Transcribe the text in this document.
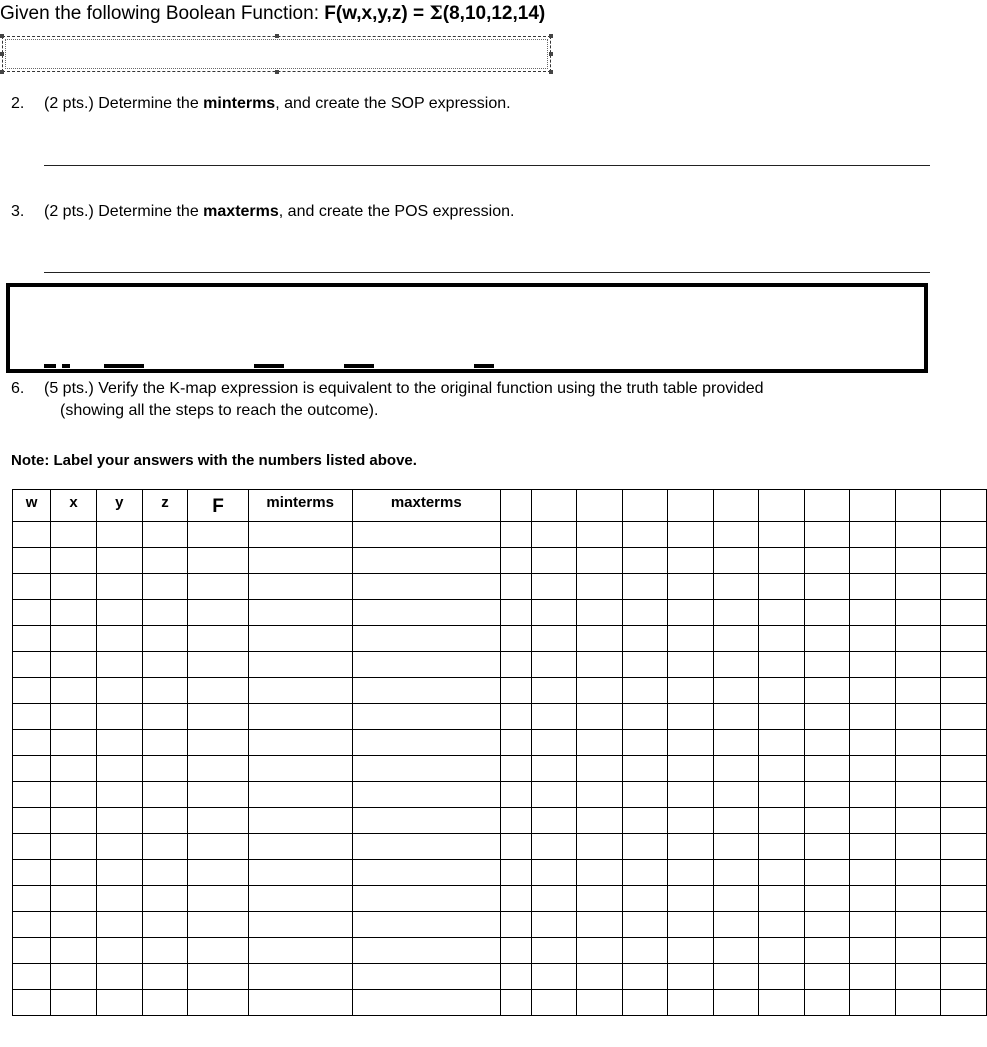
Given the following Boolean Function: F(w,x,y,z) = Σ(8,10,12,14)
2. (2 pts.) Determine the minterms, and create the SOP expression.
3. (2 pts.) Determine the maxterms, and create the POS expression.
6. (5 pts.) Verify the K-map expression is equivalent to the original function using the truth table provided
(showing all the steps to reach the outcome).
Note: Label your answers with the numbers listed above.
w	x	y	z	F	minterms	maxterms											
